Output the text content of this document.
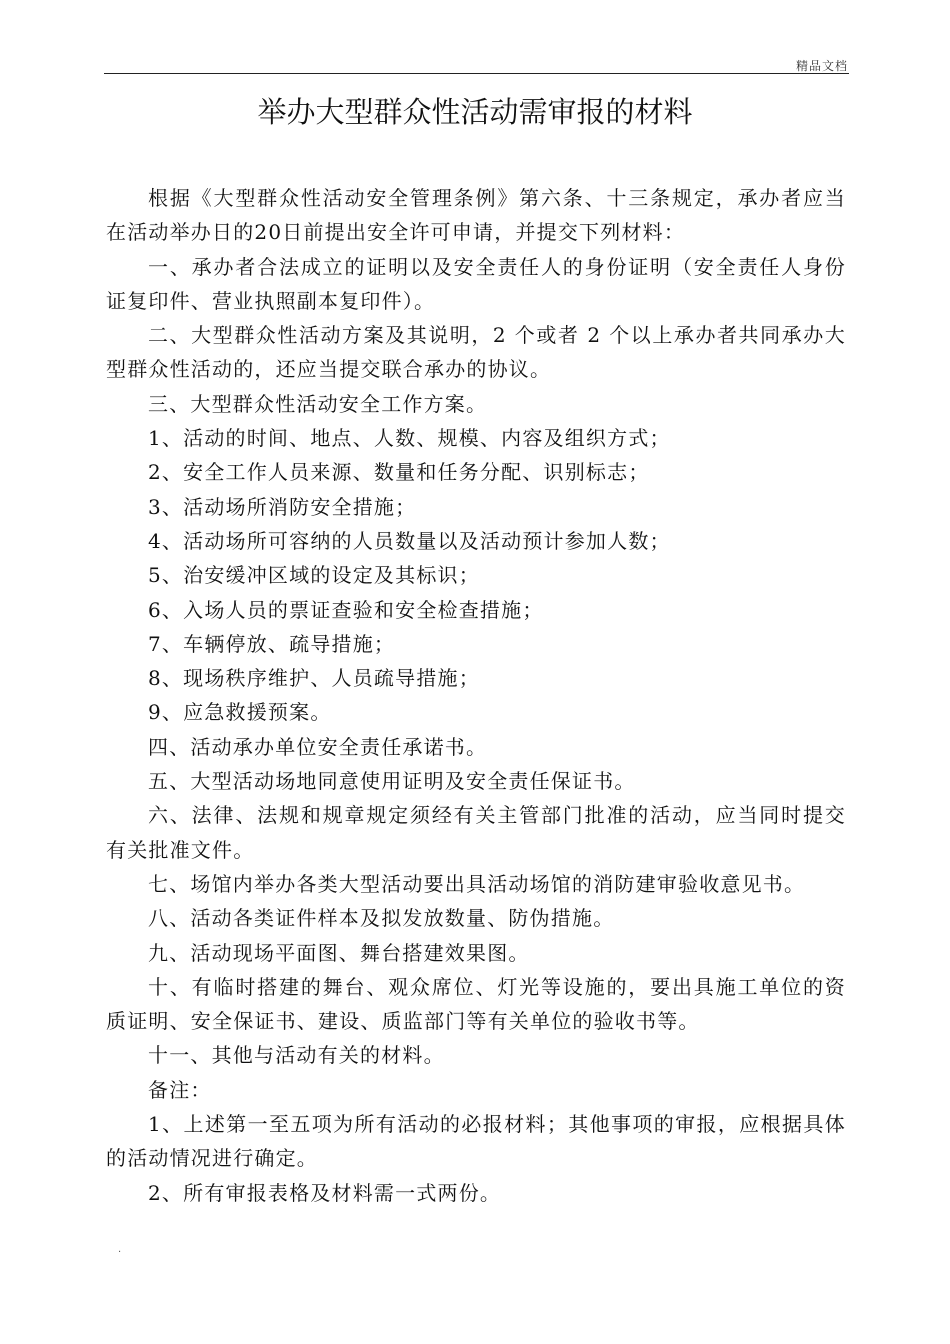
精品文档
举办大型群众性活动需审报的材料

根据《大型群众性活动安全管理条例》第六条、十三条规定，承办者应当在活动举办日的20日前提出安全许可申请，并提交下列材料：

一、承办者合法成立的证明以及安全责任人的身份证明（安全责任人身份证复印件、营业执照副本复印件）。

二、大型群众性活动方案及其说明，2 个或者 2 个以上承办者共同承办大型群众性活动的，还应当提交联合承办的协议。

三、大型群众性活动安全工作方案。

1、活动的时间、地点、人数、规模、内容及组织方式；

2、安全工作人员来源、数量和任务分配、识别标志；

3、活动场所消防安全措施；

4、活动场所可容纳的人员数量以及活动预计参加人数；

5、治安缓冲区域的设定及其标识；

6、入场人员的票证查验和安全检查措施；

7、车辆停放、疏导措施；

8、现场秩序维护、人员疏导措施；

9、应急救援预案。

四、活动承办单位安全责任承诺书。

五、大型活动场地同意使用证明及安全责任保证书。

六、法律、法规和规章规定须经有关主管部门批准的活动，应当同时提交有关批准文件。

七、场馆内举办各类大型活动要出具活动场馆的消防建审验收意见书。

八、活动各类证件样本及拟发放数量、防伪措施。

九、活动现场平面图、舞台搭建效果图。

十、有临时搭建的舞台、观众席位、灯光等设施的，要出具施工单位的资质证明、安全保证书、建设、质监部门等有关单位的验收书等。

十一、其他与活动有关的材料。

备注：

1、上述第一至五项为所有活动的必报材料；其他事项的审报，应根据具体的活动情况进行确定。

2、所有审报表格及材料需一式两份。

.
